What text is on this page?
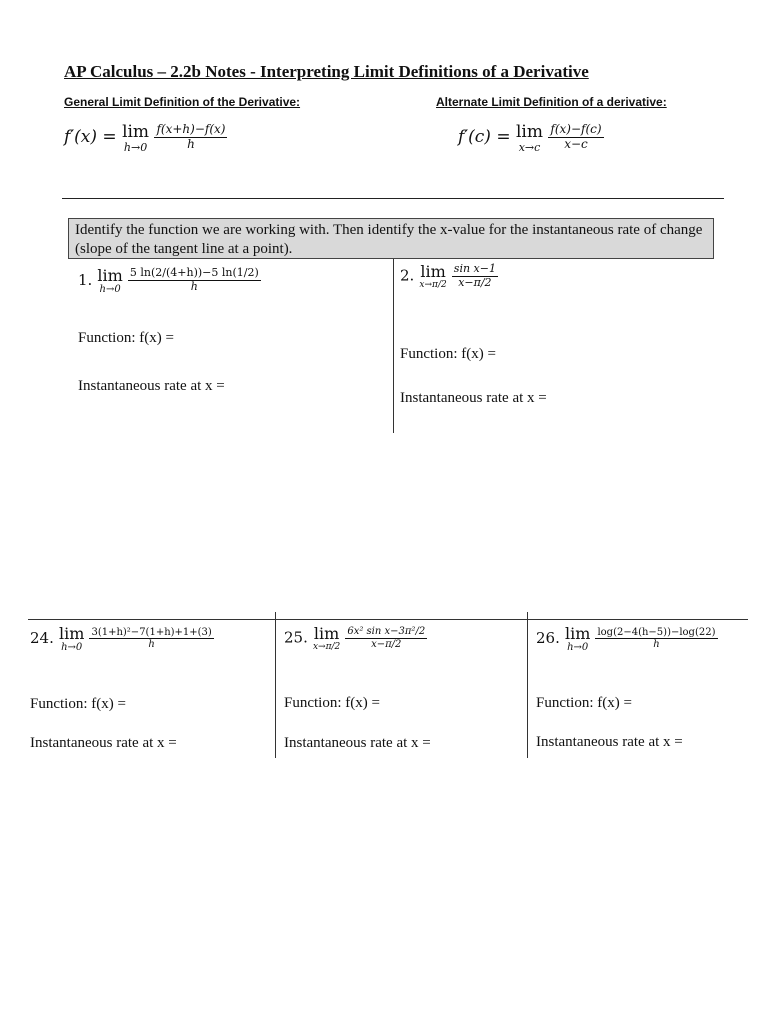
AP Calculus – 2.2b Notes - Interpreting Limit Definitions of a Derivative
General Limit Definition of the Derivative:	Alternate Limit Definition of a derivative:
f′(x) = lim
h→0
$\frac{f(x+h)-f(x)}{h}$	f′(c) = lim
x→c
$\frac{f(x)-f(c)}{x-c}$
Identify the function we are working with. Then identify the x-value for the instantaneous rate of change (slope of the tangent line at a point).
1. lim
h→0
$\frac{5 \ln(2/(4+h))-5 \ln(1/2)}{h}$
Function: f(x) =
Instantaneous rate at x =
2. lim
x→π/2
$\frac{\text{sin x−1}}{x-\pi/2}$
Function: f(x) =
Instantaneous rate at x =
24. lim
h→0
$\frac{\text{3(1+h)²−7(1+h)+1+(3)}}{h}$
Function: f(x) =
Instantaneous rate at x =
25. lim
x→π/2
$\frac{\text{6x² sin x−3π²/2}}{x-\pi/2}$
Function: f(x) =
Instantaneous rate at x =
26. lim
h→0
$\frac{\log(2-4(h-5))-\log(22)}{h}$
Function: f(x) =
Instantaneous rate at x =
